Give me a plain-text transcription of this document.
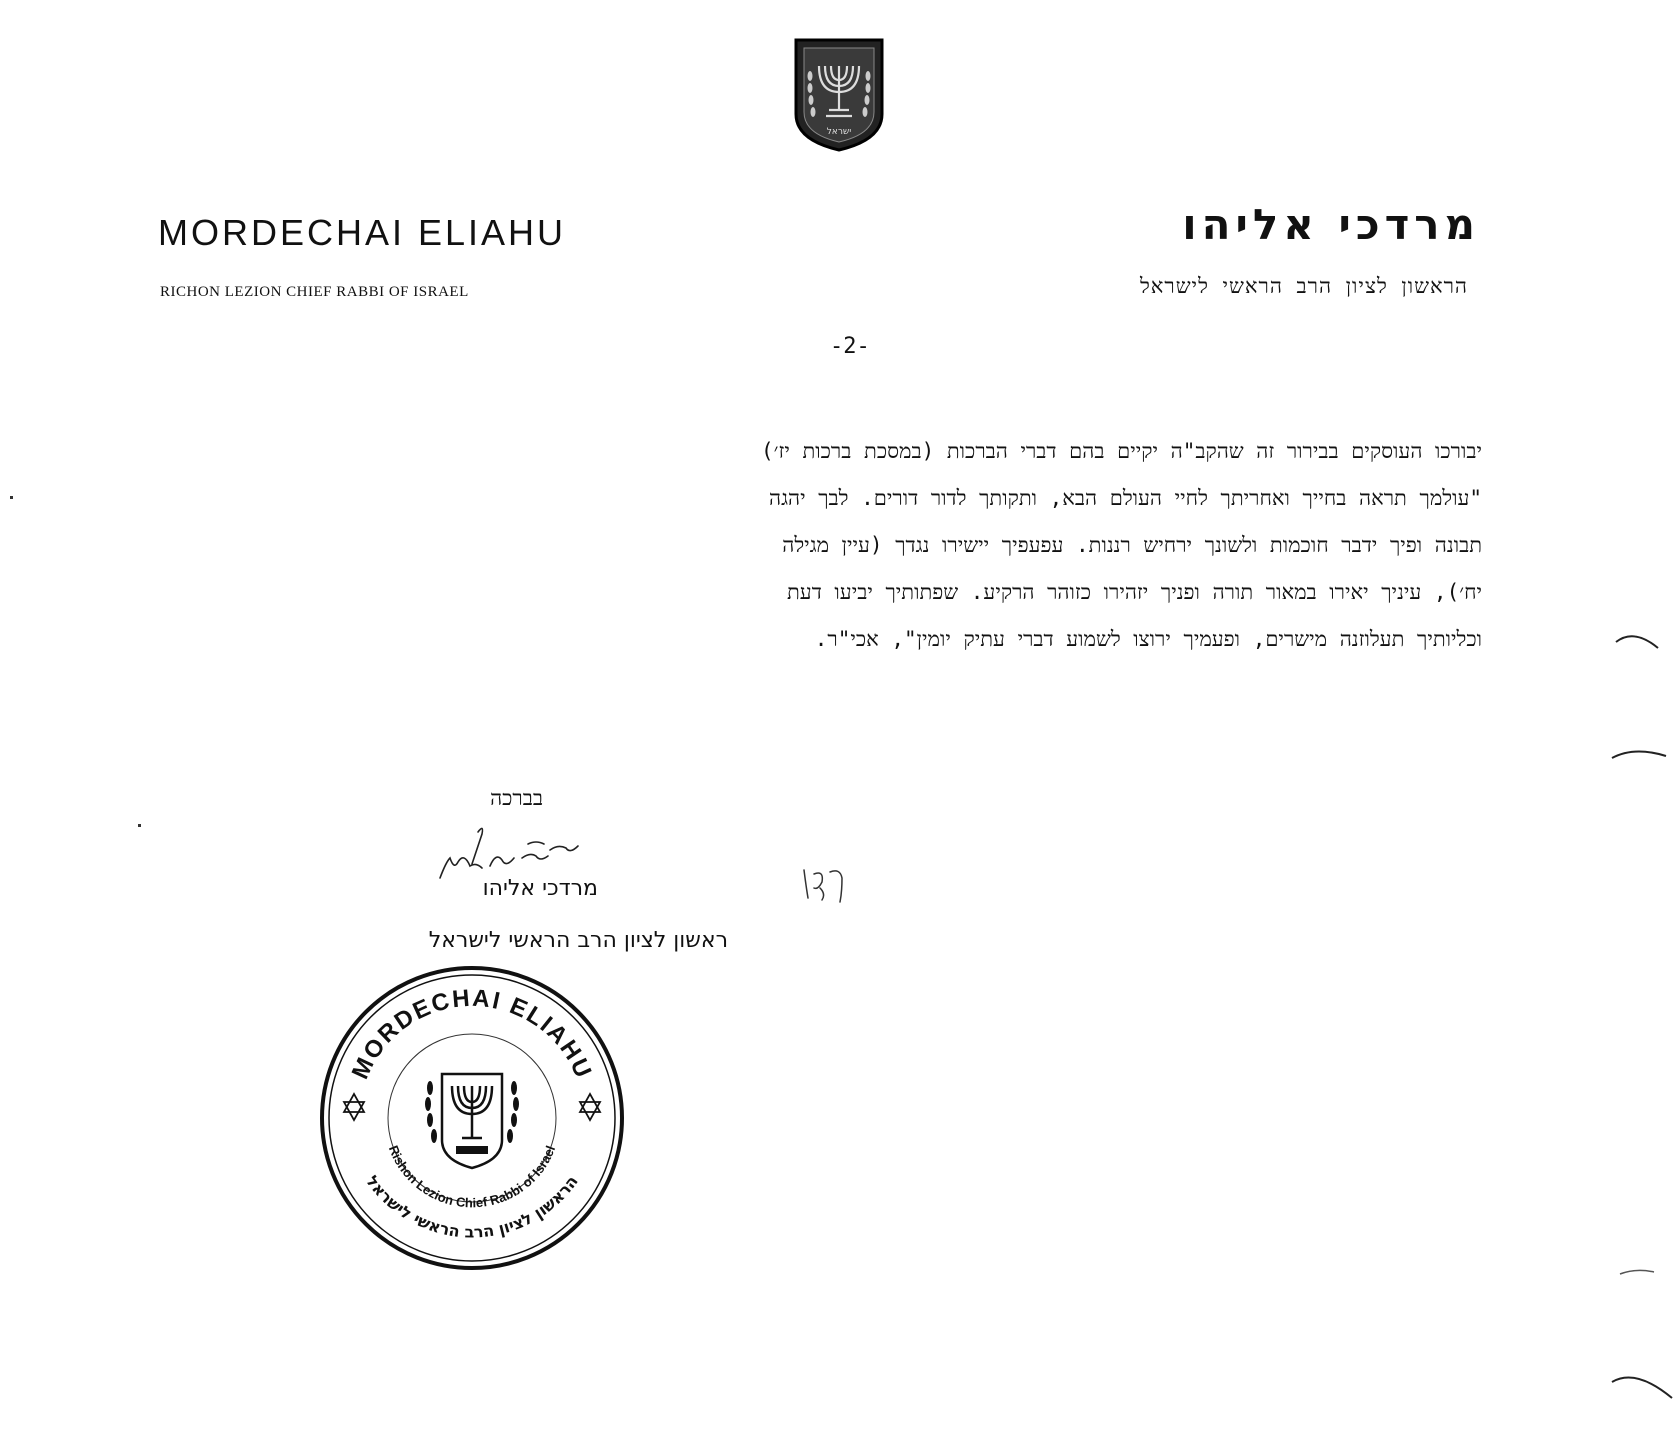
ישראל
MORDECHAI ELIAHU
RICHON LEZION CHIEF RABBI OF ISRAEL
מרדכי אליהו
הראשון לציון הרב הראשי לישראל
-2-
יבורכו העוסקים בבירור זה שהקב"ה יקיים בהם דברי הברכות (במסכת ברכות יז׳)
"עולמך תראה בחייך ואחריתך לחיי העולם הבא, ותקותך לדור דורים. לבך יהגה
תבונה ופיך ידבר חוכמות ולשונך ירחיש רננות. עפעפיך יישירו נגדך (עיין מגילה
יח׳), עיניך יאירו במאור תורה ופניך יזהירו כזוהר הרקיע. שפתותיך יביעו דעת
וכליותיך תעלוזנה מישרים, ופעמיך ירוצו לשמוע דברי עתיק יומין", אכי"ר.
בברכה
מרדכי אליהו
ראשון לציון הרב הראשי לישראל
MORDECHAI ELIAHU
Rishon Lezion Chief Rabbi of Israel
הראשון לציון הרב הראשי לישראל
